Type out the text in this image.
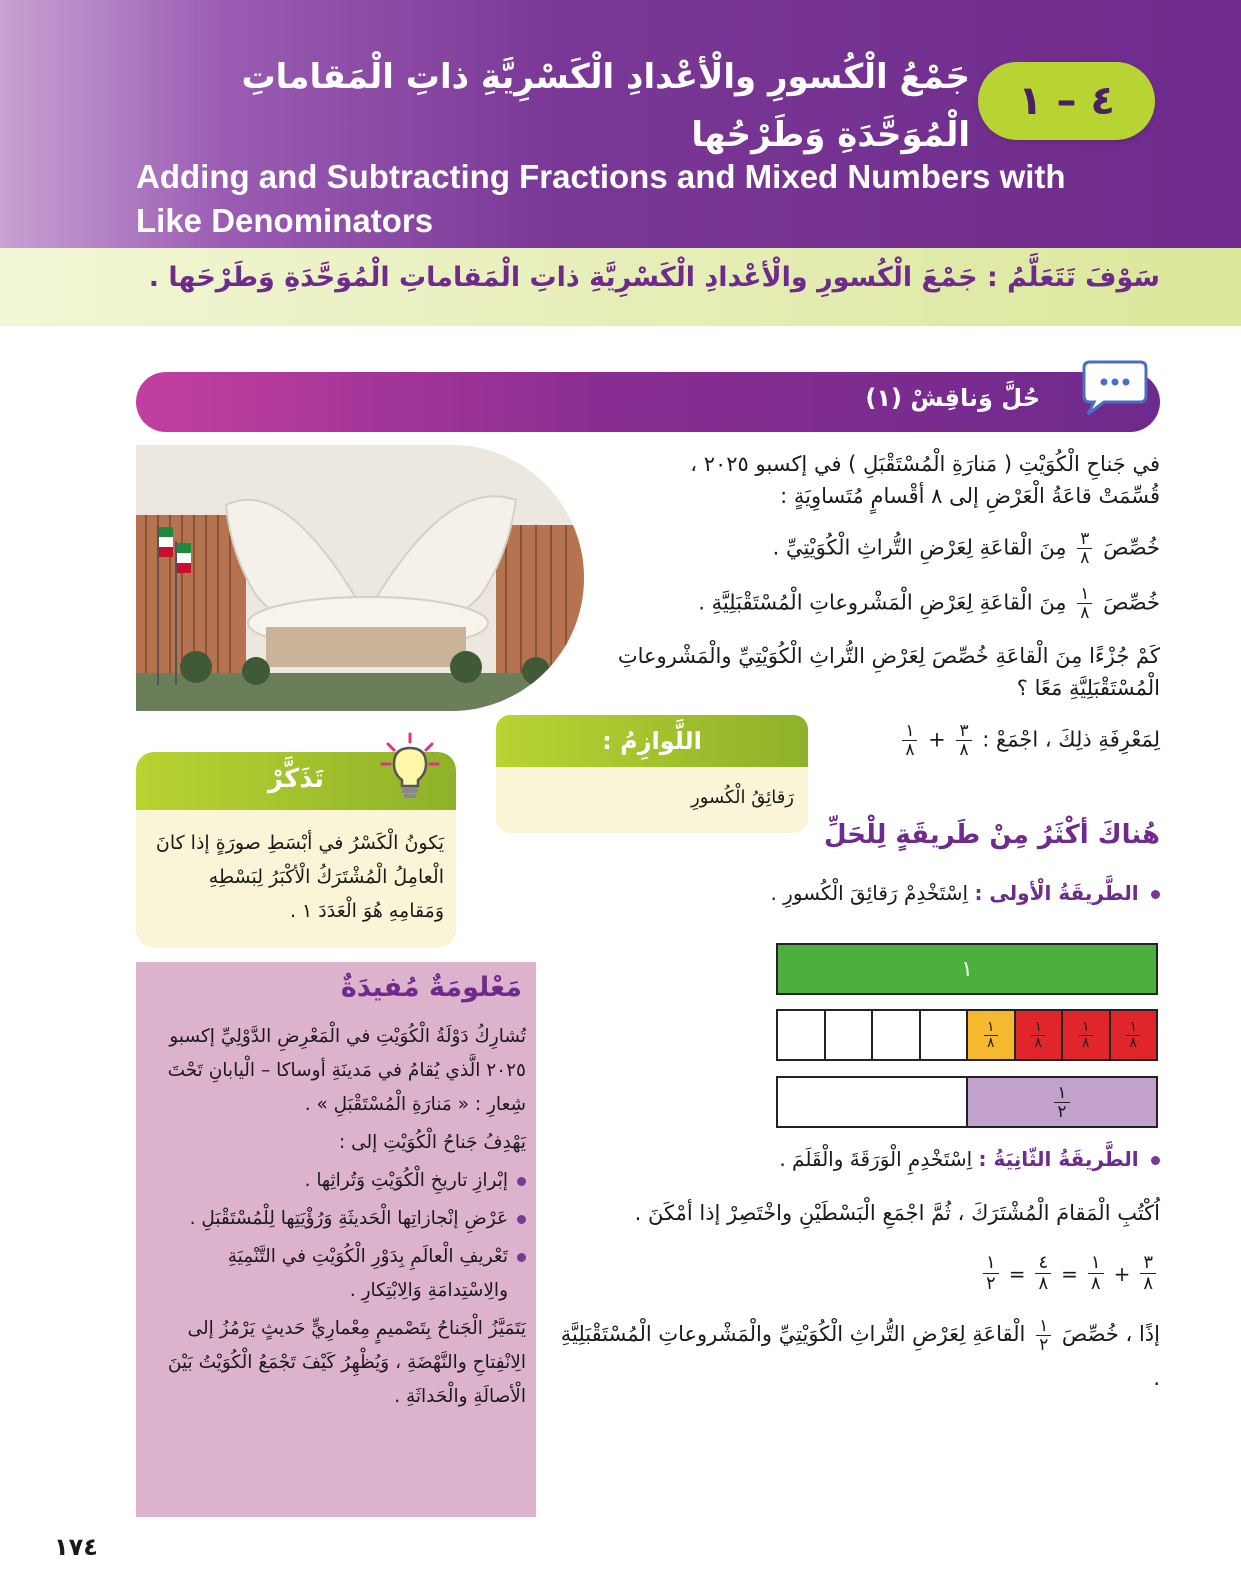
٤ – ١
جَمْعُ الْكُسورِ والْأعْدادِ الْكَسْرِيَّةِ ذاتِ الْمَقاماتِ الْمُوَحَّدَةِ وَطَرْحُها
Adding and Subtracting Fractions and Mixed Numbers with Like Denominators
سَوْفَ تَتَعَلَّمُ : جَمْعَ الْكُسورِ والْأعْدادِ الْكَسْرِيَّةِ ذاتِ الْمَقاماتِ الْمُوَحَّدَةِ وَطَرْحَها .
حُلَّ وَناقِشْ (١)

في جَناحِ الْكُوَيْتِ ( مَنارَةِ الْمُسْتَقْبَلِ ) في إكسبو ٢٠٢٥ ،
قُسِّمَتْ قاعَةُ الْعَرْضِ إلى ٨ أقْسامٍ مُتَساوِيَةٍ :

خُصِّصَ
$\frac{٣}{٨}$
مِنَ الْقاعَةِ لِعَرْضِ التُّراثِ الْكُوَيْتِيِّ .

خُصِّصَ
$\frac{١}{٨}$
مِنَ الْقاعَةِ لِعَرْضِ الْمَشْروعاتِ الْمُسْتَقْبَلِيَّةِ .

كَمْ جُزْءًا مِنَ الْقاعَةِ خُصِّصَ لِعَرْضِ التُّراثِ الْكُوَيْتِيِّ والْمَشْروعاتِ الْمُسْتَقْبَلِيَّةِ مَعًا ؟

لِمَعْرِفَةِ ذلِكَ ، اجْمَعْ :
$\frac{٣}{٨}$
+
$\frac{١}{٨}$

اللَّوازِمُ :
رَقائِقُ الْكُسورِ
تَذَكَّرْ
يَكونُ الْكَسْرُ في أبْسَطِ صورَةٍ إذا كانَ الْعامِلُ الْمُشْتَرَكُ الْأكْبَرُ لِبَسْطِهِ وَمَقامِهِ هُوَ الْعَدَدَ ١ .
مَعْلومَةٌ مُفيدَةٌ

تُشارِكُ دَوْلَةُ الْكُوَيْتِ في الْمَعْرِضِ الدَّوْلِيِّ إكسبو ٢٠٢٥ الَّذي يُقامُ في مَدينَةِ أوساكا – الْيابانِ تَحْتَ شِعارِ : « مَنارَةِ الْمُسْتَقْبَلِ » .

يَهْدِفُ جَناحُ الْكُوَيْتِ إلى :

إبْرازِ تاريخِ الْكُوَيْتِ وَتُراثِها .
عَرْضِ إنْجازاتِها الْحَديثَةِ وَرُؤْيَتِها لِلْمُسْتَقْبَلِ .
تَعْريفِ الْعالَمِ بِدَوْرِ الْكُوَيْتِ في التَّنْمِيَةِ والِاسْتِدامَةِ وَالِابْتِكارِ .

يَتَمَيَّزُ الْجَناحُ بِتَصْميمٍ مِعْمارِيٍّ حَديثٍ يَرْمُزُ إلى الِانْفِتاحِ والنَّهْضَةِ ، وَيُظْهِرُ كَيْفَ تَجْمَعُ الْكُوَيْتُ بَيْنَ الْأصالَةِ والْحَداثَةِ .

هُناكَ أكْثَرُ مِنْ طَريقَةٍ لِلْحَلِّ
الطَّريقَةُ الْأولى : اِسْتَخْدِمْ رَقائِقَ الْكُسورِ .
١
$\frac{١}{٨} \frac{١}{٨} \frac{١}{٨} \frac{١}{٨}$
$\frac{١}{٢}$
الطَّريقَةُ الثّانِيَةُ : اِسْتَخْدِمِ الْوَرَقَةَ والْقَلَمَ .
اُكْتُبِ الْمَقامَ الْمُشْتَرَكَ ، ثُمَّ اجْمَعِ الْبَسْطَيْنِ واخْتَصِرْ إذا أمْكَنَ .
$\frac{١}{٢} = \frac{٤}{٨} = \frac{١}{٨} + \frac{٣}{٨}$
إذًا ، خُصِّصَ
$\frac{١}{٢}$
الْقاعَةِ لِعَرْضِ التُّراثِ الْكُوَيْتِيِّ والْمَشْروعاتِ الْمُسْتَقْبَلِيَّةِ .
١٧٤
